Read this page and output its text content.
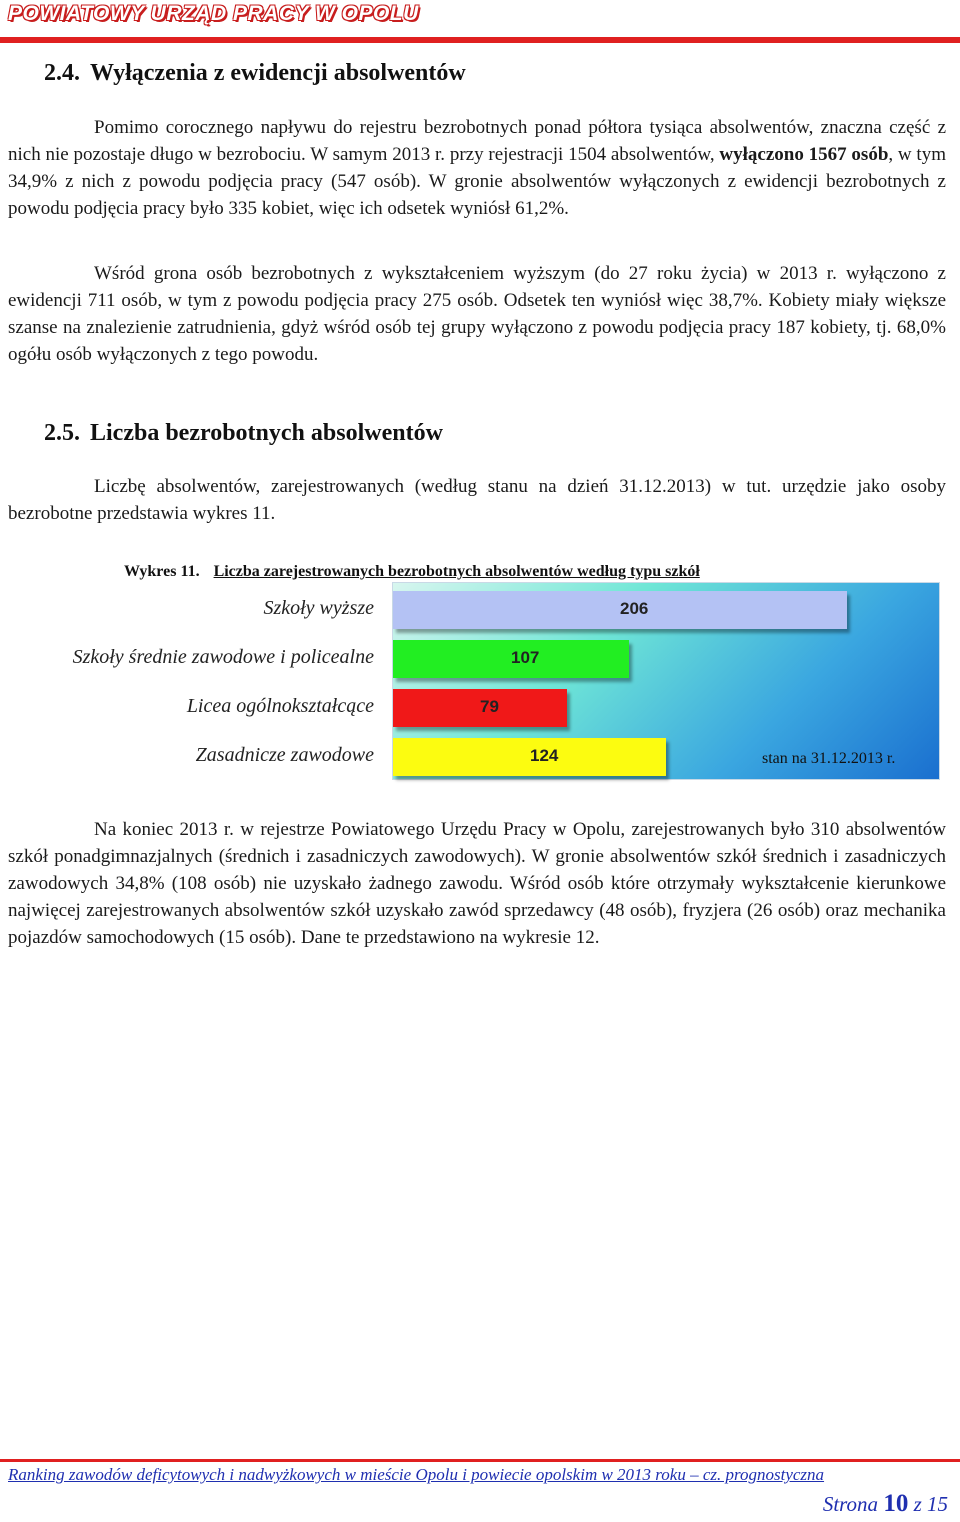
POWIATOWY URZĄD PRACY W OPOLU
2.4. Wyłączenia z ewidencji absolwentów

Pomimo corocznego napływu do rejestru bezrobotnych ponad półtora tysiąca absolwentów, znaczna część z nich nie pozostaje długo w bezrobociu. W samym 2013 r. przy rejestracji 1504 absolwentów, wyłączono 1567 osób, w tym 34,9% z nich z powodu podjęcia pracy (547 osób). W gronie absolwentów wyłączonych z ewidencji bezrobotnych z powodu podjęcia pracy było 335 kobiet, więc ich odsetek wyniósł 61,2%.

Wśród grona osób bezrobotnych z wykształceniem wyższym (do 27 roku życia) w 2013 r. wyłączono z ewidencji 711 osób, w tym z powodu podjęcia pracy 275 osób. Odsetek ten wyniósł więc 38,7%. Kobiety miały większe szanse na znalezienie zatrudnienia, gdyż wśród osób tej grupy wyłączono z powodu podjęcia pracy 187 kobiety, tj. 68,0% ogółu osób wyłączonych z tego powodu.

2.5. Liczba bezrobotnych absolwentów

Liczbę absolwentów, zarejestrowanych (według stanu na dzień 31.12.2013) w tut. urzędzie jako osoby bezrobotne przedstawia wykres 11.

Wykres 11. Liczba zarejestrowanych bezrobotnych absolwentów według typu szkół
Szkoły wyższe	206
Szkoły średnie zawodowe i policealne	107
Licea ogólnokształcące	79
Zasadnicze zawodowe	124	stan na 31.12.2013 r.

Na koniec 2013 r. w rejestrze Powiatowego Urzędu Pracy w Opolu, zarejestrowanych było 310 absolwentów szkół ponadgimnazjalnych (średnich i zasadniczych zawodowych). W gronie absolwentów szkół średnich i zasadniczych zawodowych 34,8% (108 osób) nie uzyskało żadnego zawodu. Wśród osób które otrzymały wykształcenie kierunkowe najwięcej zarejestrowanych absolwentów szkół uzyskało zawód sprzedawcy (48 osób), fryzjera (26 osób) oraz mechanika pojazdów samochodowych (15 osób). Dane te przedstawiono na wykresie 12.

Ranking zawodów deficytowych i nadwyżkowych w mieście Opolu i powiecie opolskim w 2013 roku – cz. prognostyczna
Strona 10 z 15
